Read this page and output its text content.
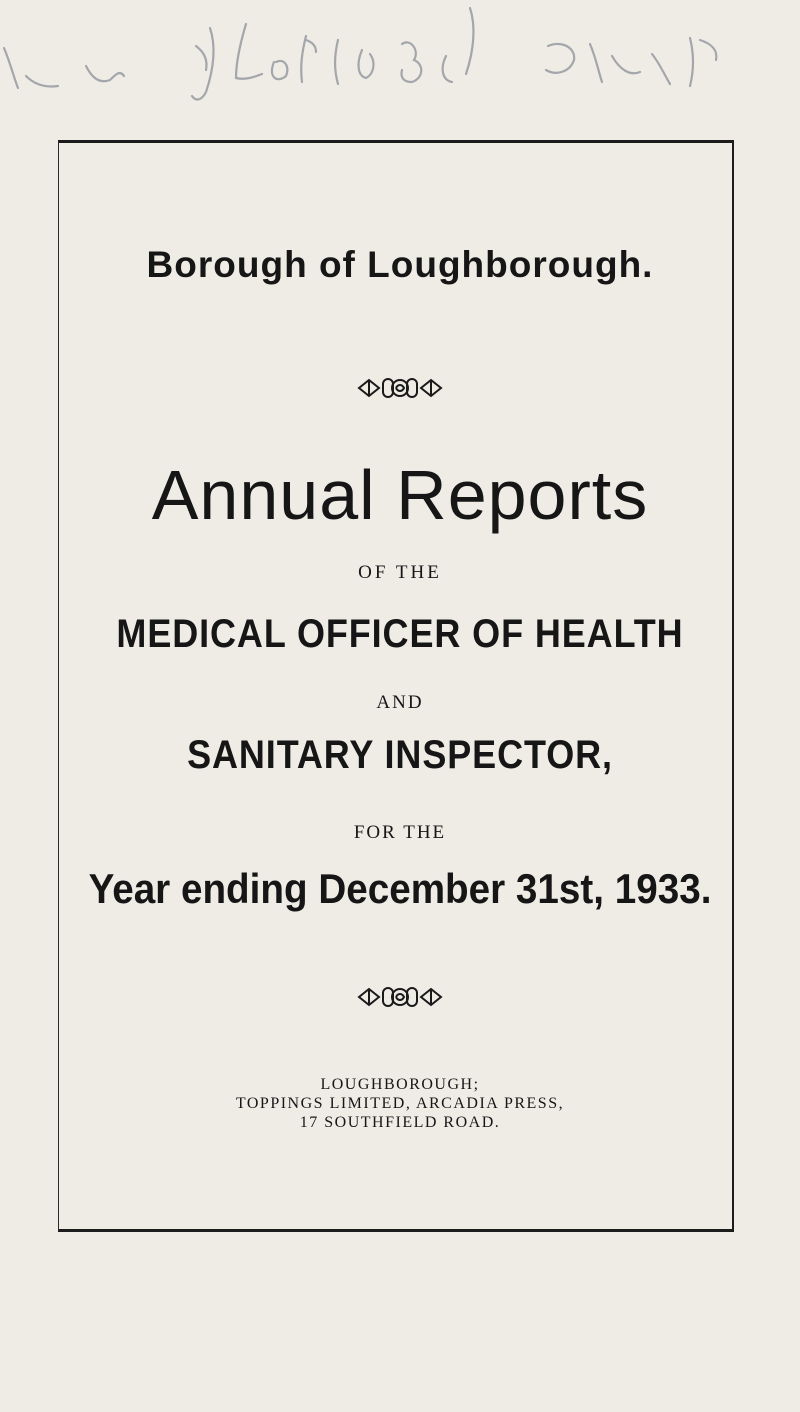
Borough of Loughborough.
Annual Reports
OF THE
MEDICAL OFFICER OF HEALTH
AND
SANITARY INSPECTOR,
FOR THE
Year ending December 31st, 1933.
LOUGHBOROUGH;
TOPPINGS LIMITED, ARCADIA PRESS,
17 SOUTHFIELD ROAD.
